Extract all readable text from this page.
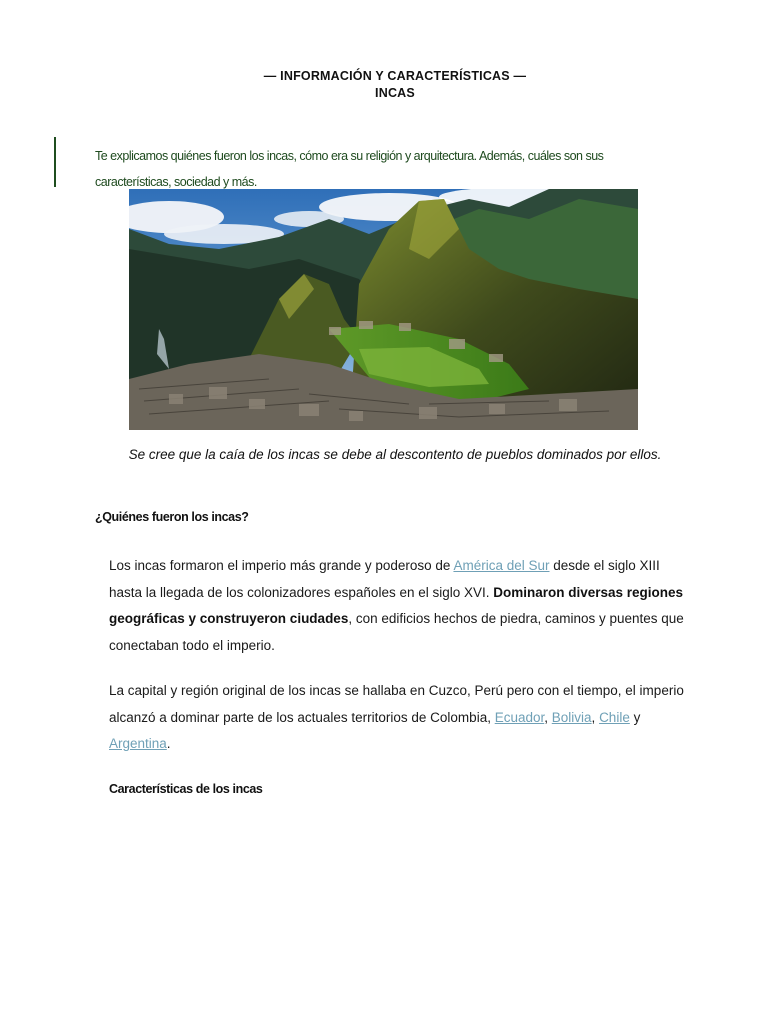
— INFORMACIÓN Y CARACTERÍSTICAS —
INCAS
Te explicamos quiénes fueron los incas, cómo era su religión y arquitectura. Además, cuáles son sus características, sociedad y más.
Se cree que la caía de los incas se debe al descontento de pueblos dominados por ellos.
¿Quiénes fueron los incas?
Los incas formaron el imperio más grande y poderoso de América del Sur desde el siglo XIII hasta la llegada de los colonizadores españoles en el siglo XVI. Dominaron diversas regiones geográficas y construyeron ciudades, con edificios hechos de piedra, caminos y puentes que conectaban todo el imperio.
La capital y región original de los incas se hallaba en Cuzco, Perú pero con el tiempo, el imperio alcanzó a dominar parte de los actuales territorios de Colombia, Ecuador, Bolivia, Chile y Argentina.
Características de los incas
